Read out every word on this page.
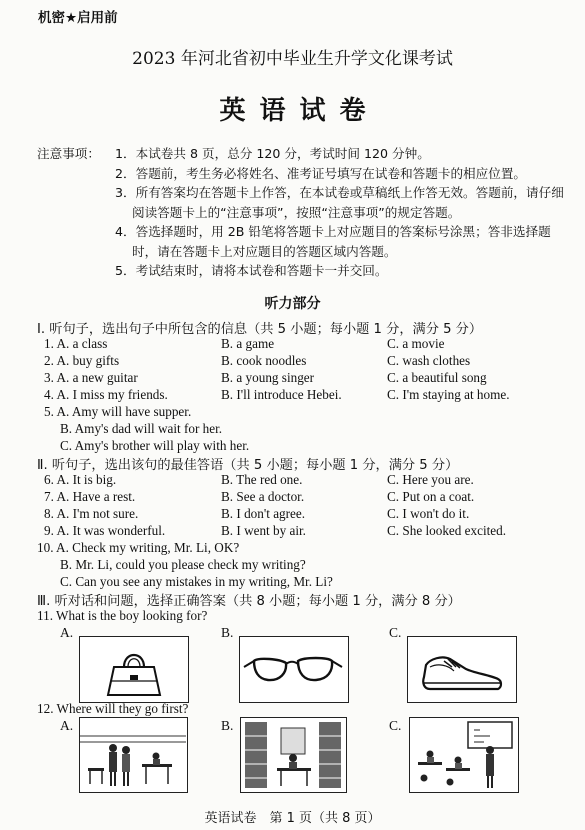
机密★启用前
2023 年河北省初中毕业生升学文化课考试
英语试卷
注意事项：	1．本试卷共 8 页，总分 120 分，考试时间 120 分钟。
2．答题前，考生务必将姓名、准考证号填写在试卷和答题卡的相应位置。
3．所有答案均在答题卡上作答，在本试卷或草稿纸上作答无效。答题前，请仔细阅读答题卡上的“注意事项”，按照“注意事项”的规定答题。
4．答选择题时，用 2B 铅笔将答题卡上对应题目的答案标号涂黑；答非选择题时，请在答题卡上对应题目的答题区域内答题。
5．考试结束时，请将本试卷和答题卡一并交回。
听力部分
Ⅰ. 听句子，选出句子中所包含的信息（共 5 小题；每小题 1 分，满分 5 分）
1. A. a class	B. a game	C. a movie
2. A. buy gifts	B. cook noodles	C. wash clothes
3. A. a new guitar	B. a young singer	C. a beautiful song
4. A. I miss my friends.	B. I'll introduce Hebei.	C. I'm staying at home.
5. A. Amy will have supper.
B. Amy's dad will wait for her.
C. Amy's brother will play with her.
Ⅱ. 听句子，选出该句的最佳答语（共 5 小题；每小题 1 分，满分 5 分）
6. A. It is big.	B. The red one.	C. Here you are.
7. A. Have a rest.	B. See a doctor.	C. Put on a coat.
8. A. I'm not sure.	B. I don't agree.	C. I won't do it.
9. A. It was wonderful.	B. I went by air.	C. She looked excited.
10. A. Check my writing, Mr. Li, OK?
B. Mr. Li, could you please check my writing?
C. Can you see any mistakes in my writing, Mr. Li?
Ⅲ. 听对话和问题，选择正确答案（共 8 小题；每小题 1 分，满分 8 分）
11. What is the boy looking for?
A.	B.	C.
12. Where will they go first?
A.	B.	C.
英语试卷　第 1 页（共 8 页）
